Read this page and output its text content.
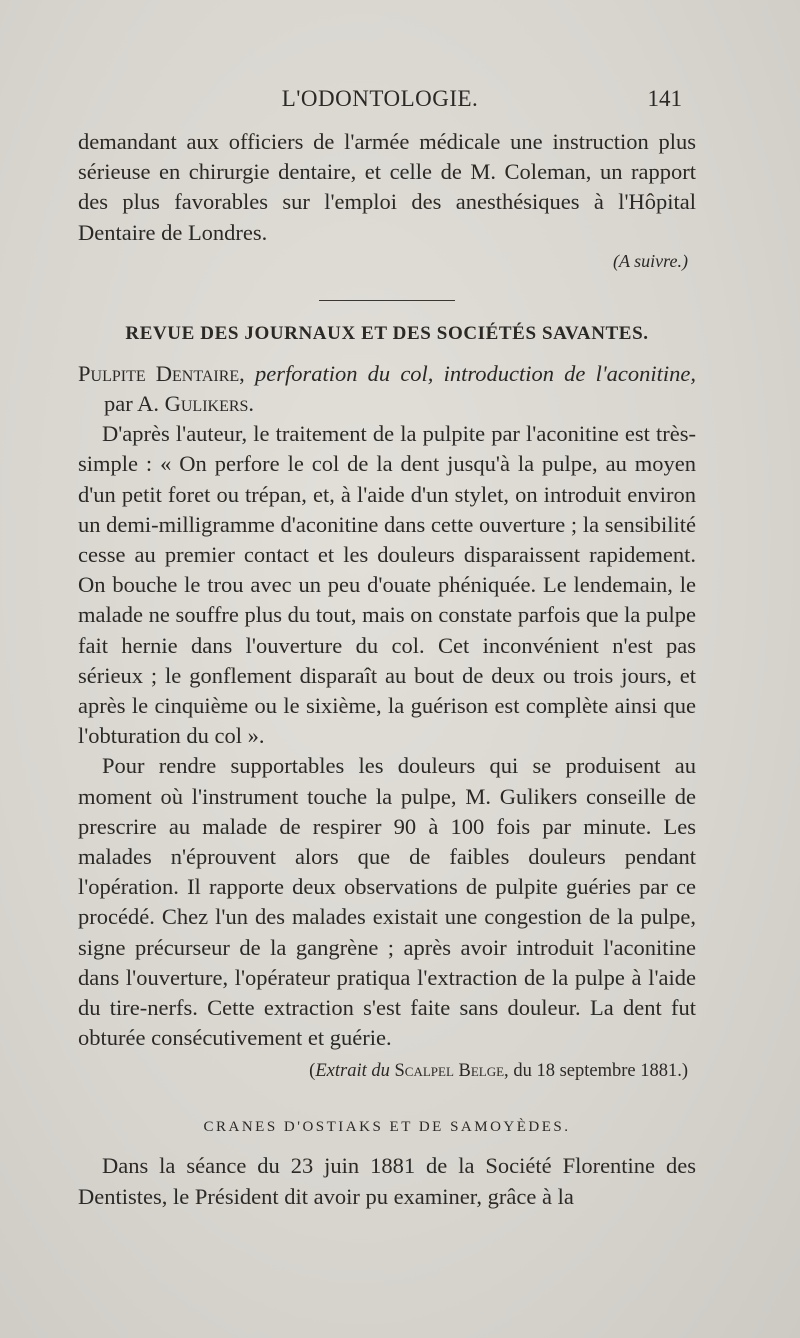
L'ODONTOLOGIE.	141

demandant aux officiers de l'armée médicale une instruction plus sérieuse en chirurgie dentaire, et celle de M. Coleman, un rapport des plus favorables sur l'emploi des anesthésiques à l'Hôpital Dentaire de Londres.

(A suivre.)

REVUE DES JOURNAUX ET DES SOCIÉTÉS SAVANTES.

Pulpite Dentaire, perforation du col, introduction de l'aconitine, par A. Gulikers.

D'après l'auteur, le traitement de la pulpite par l'aconitine est très-simple : « On perfore le col de la dent jusqu'à la pulpe, au moyen d'un petit foret ou trépan, et, à l'aide d'un stylet, on introduit environ un demi-milligramme d'aconitine dans cette ouverture ; la sensibilité cesse au premier contact et les douleurs disparaissent rapidement. On bouche le trou avec un peu d'ouate phéniquée. Le lendemain, le malade ne souffre plus du tout, mais on constate parfois que la pulpe fait hernie dans l'ouverture du col. Cet inconvénient n'est pas sérieux ; le gonflement disparaît au bout de deux ou trois jours, et après le cinquième ou le sixième, la guérison est complète ainsi que l'obturation du col ».

Pour rendre supportables les douleurs qui se produisent au moment où l'instrument touche la pulpe, M. Gulikers conseille de prescrire au malade de respirer 90 à 100 fois par minute. Les malades n'éprouvent alors que de faibles douleurs pendant l'opération. Il rapporte deux observations de pulpite guéries par ce procédé. Chez l'un des malades existait une congestion de la pulpe, signe précurseur de la gangrène ; après avoir introduit l'aconitine dans l'ouverture, l'opérateur pratiqua l'extraction de la pulpe à l'aide du tire-nerfs. Cette extraction s'est faite sans douleur. La dent fut obturée consécutivement et guérie.

(Extrait du Scalpel Belge, du 18 septembre 1881.)

CRANES D'OSTIAKS ET DE SAMOYÈDES.

Dans la séance du 23 juin 1881 de la Société Florentine des Dentistes, le Président dit avoir pu examiner, grâce à la
